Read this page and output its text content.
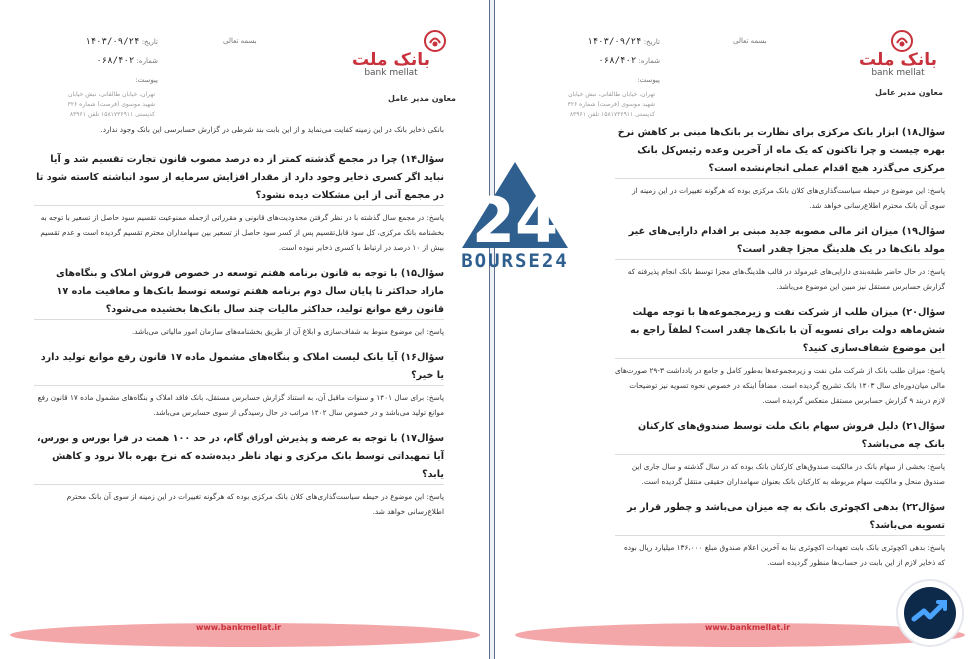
بانک ملت
bank mellat
بسمه تعالی
تاریخ: ۱۴۰۳/۰۹/۲۴
شماره: ۰۶۸/۴۰۲
پیوست:
معاون مدیر عامل
تهران، خیابان طالقانی، نبش خیابان
شهید موسوی (فرصت) شماره ۳۲۶
کدپستی ۱۵۸۱۷۳۶۹۱۱ تلفن ۸۳۹۶۱

بانکی ذخایر بانک در این زمینه کفایت می‌نماید و از این بابت بند شرطی در گزارش حسابرسی این بانک وجود ندارد.

سؤال۱۴) چرا در مجمع گذشته کمتر از ده درصد مصوب قانون تجارت تقسیم شد و آیا نباید اگر کسری ذخایر وجود دارد از مقدار افزایش سرمایه از سود انباشته کاسته شود تا در مجمع آتی از این مشکلات دیده نشود؟

پاسخ: در مجمع سال گذشته با در نظر گرفتن محدودیت‌های قانونی و مقرراتی ازجمله ممنوعیت تقسیم سود حاصل از تسعیر با توجه به بخشنامه بانک مرکزی، کل سود قابل‌تقسیم پس از کسر سود حاصل از تسعیر بین سهامداران محترم تقسیم گردیده است و عدم تقسیم بیش از ۱۰ درصد در ارتباط با کسری ذخایر نبوده است.

سؤال۱۵) با توجه به قانون برنامه هفتم توسعه در خصوص فروش املاک و بنگاه‌های مازاد حداکثر تا پایان سال دوم برنامه هفتم توسعه توسط بانک‌ها و معافیت ماده ۱۷ قانون رفع موانع تولید، حداکثر مالیات چند سال بانک‌ها بخشیده می‌شود؟

پاسخ: این موضوع منوط به شفاف‌سازی و ابلاغ آن از طریق بخشنامه‌های سازمان امور مالیاتی می‌باشد.

سؤال۱۶) آیا بانک لیست املاک و بنگاه‌های مشمول ماده ۱۷ قانون رفع موانع تولید دارد یا خیر؟

پاسخ: برای سال ۱۴۰۱ و سنوات ماقبل آن، به استناد گزارش حسابرس مستقل، بانک فاقد املاک و بنگاه‌های مشمول ماده ۱۷ قانون رفع موانع تولید می‌باشد و در خصوص سال ۱۴۰۲ مراتب در حال رسیدگی از سوی حسابرس می‌باشد.

سؤال۱۷) با توجه به عرضه و پذیرش اوراق گام، در حد ۱۰۰ همت در فرا بورس و بورس، آیا تمهیداتی توسط بانک مرکزی و نهاد ناظر دیده‌شده که نرخ بهره بالا نرود و کاهش یابد؟

پاسخ: این موضوع در حیطه سیاست‌گذاری‌های کلان بانک مرکزی بوده که هرگونه تغییرات در این زمینه از سوی آن بانک محترم اطلاع‌رسانی خواهد شد.

www.bankmellat.ir
بانک ملت
bank mellat
بسمه تعالی
تاریخ: ۱۴۰۳/۰۹/۲۴
شماره: ۰۶۸/۴۰۲
پیوست:
معاون مدیر عامل
تهران، خیابان طالقانی، نبش خیابان
شهید موسوی (فرصت) شماره ۳۲۶
کدپستی ۱۵۸۱۷۳۶۹۱۱ تلفن ۸۳۹۶۱

سؤال۱۸) ابزار بانک مرکزی برای نظارت بر بانک‌ها مبنی بر کاهش نرخ بهره چیست و چرا تاکنون که یک ماه از آخرین وعده رئیس‌کل بانک مرکزی می‌گذرد هیچ اقدام عملی انجام‌نشده است؟

پاسخ: این موضوع در حیطه سیاست‌گذاری‌های کلان بانک مرکزی بوده که هرگونه تغییرات در این زمینه از سوی آن بانک محترم اطلاع‌رسانی خواهد شد.

سؤال۱۹) میزان اثر مالی مصوبه جدید مبنی بر اقدام دارایی‌های غیر مولد بانک‌ها در یک هلدینگ مجزا چقدر است؟

پاسخ: در حال حاضر طبقه‌بندی دارایی‌های غیرمولد در قالب هلدینگ‌های مجزا توسط بانک انجام پذیرفته که گزارش حسابرس مستقل نیز مبین این موضوع می‌باشد.

سؤال۲۰) میزان طلب از شرکت نفت و زیرمجموعه‌ها با توجه مهلت شش‌ماهه دولت برای تسویه آن با بانک‌ها چقدر است؟ لطفاً راجع به این موضوع شفاف‌سازی کنید؟

پاسخ: میزان طلب بانک از شرکت ملی نفت و زیرمجموعه‌ها به‌طور کامل و جامع در یادداشت ۳-۲۹ صورت‌های مالی میان‌دوره‌ای سال ۱۴۰۳ بانک تشریح گردیده است. مضافاً اینکه در خصوص نحوه تسویه نیز توضیحات لازم دربند ۹ گزارش حسابرس مستقل منعکس گردیده است.

سؤال۲۱) دلیل فروش سهام بانک ملت توسط صندوق‌های کارکنان بانک چه می‌باشد؟

پاسخ: بخشی از سهام بانک در مالکیت صندوق‌های کارکنان بانک بوده که در سال گذشته و سال جاری این صندوق منحل و مالکیت سهام مربوطه به کارکنان بانک بعنوان سهامداران حقیقی منتقل گردیده است.

سؤال۲۲) بدهی اکچوئری بانک به چه میزان می‌باشد و چطور قرار بر تسویه می‌باشد؟

پاسخ: بدهی اکچوئری بانک بابت تعهدات اکچوئری بنا به آخرین اعلام صندوق مبلغ ۱۳۶،۰۰۰ میلیارد ریال بوده که ذخایر لازم از این بابت در حساب‌ها منظور گردیده است.

www.bankmellat.ir
24
BOURSE24
